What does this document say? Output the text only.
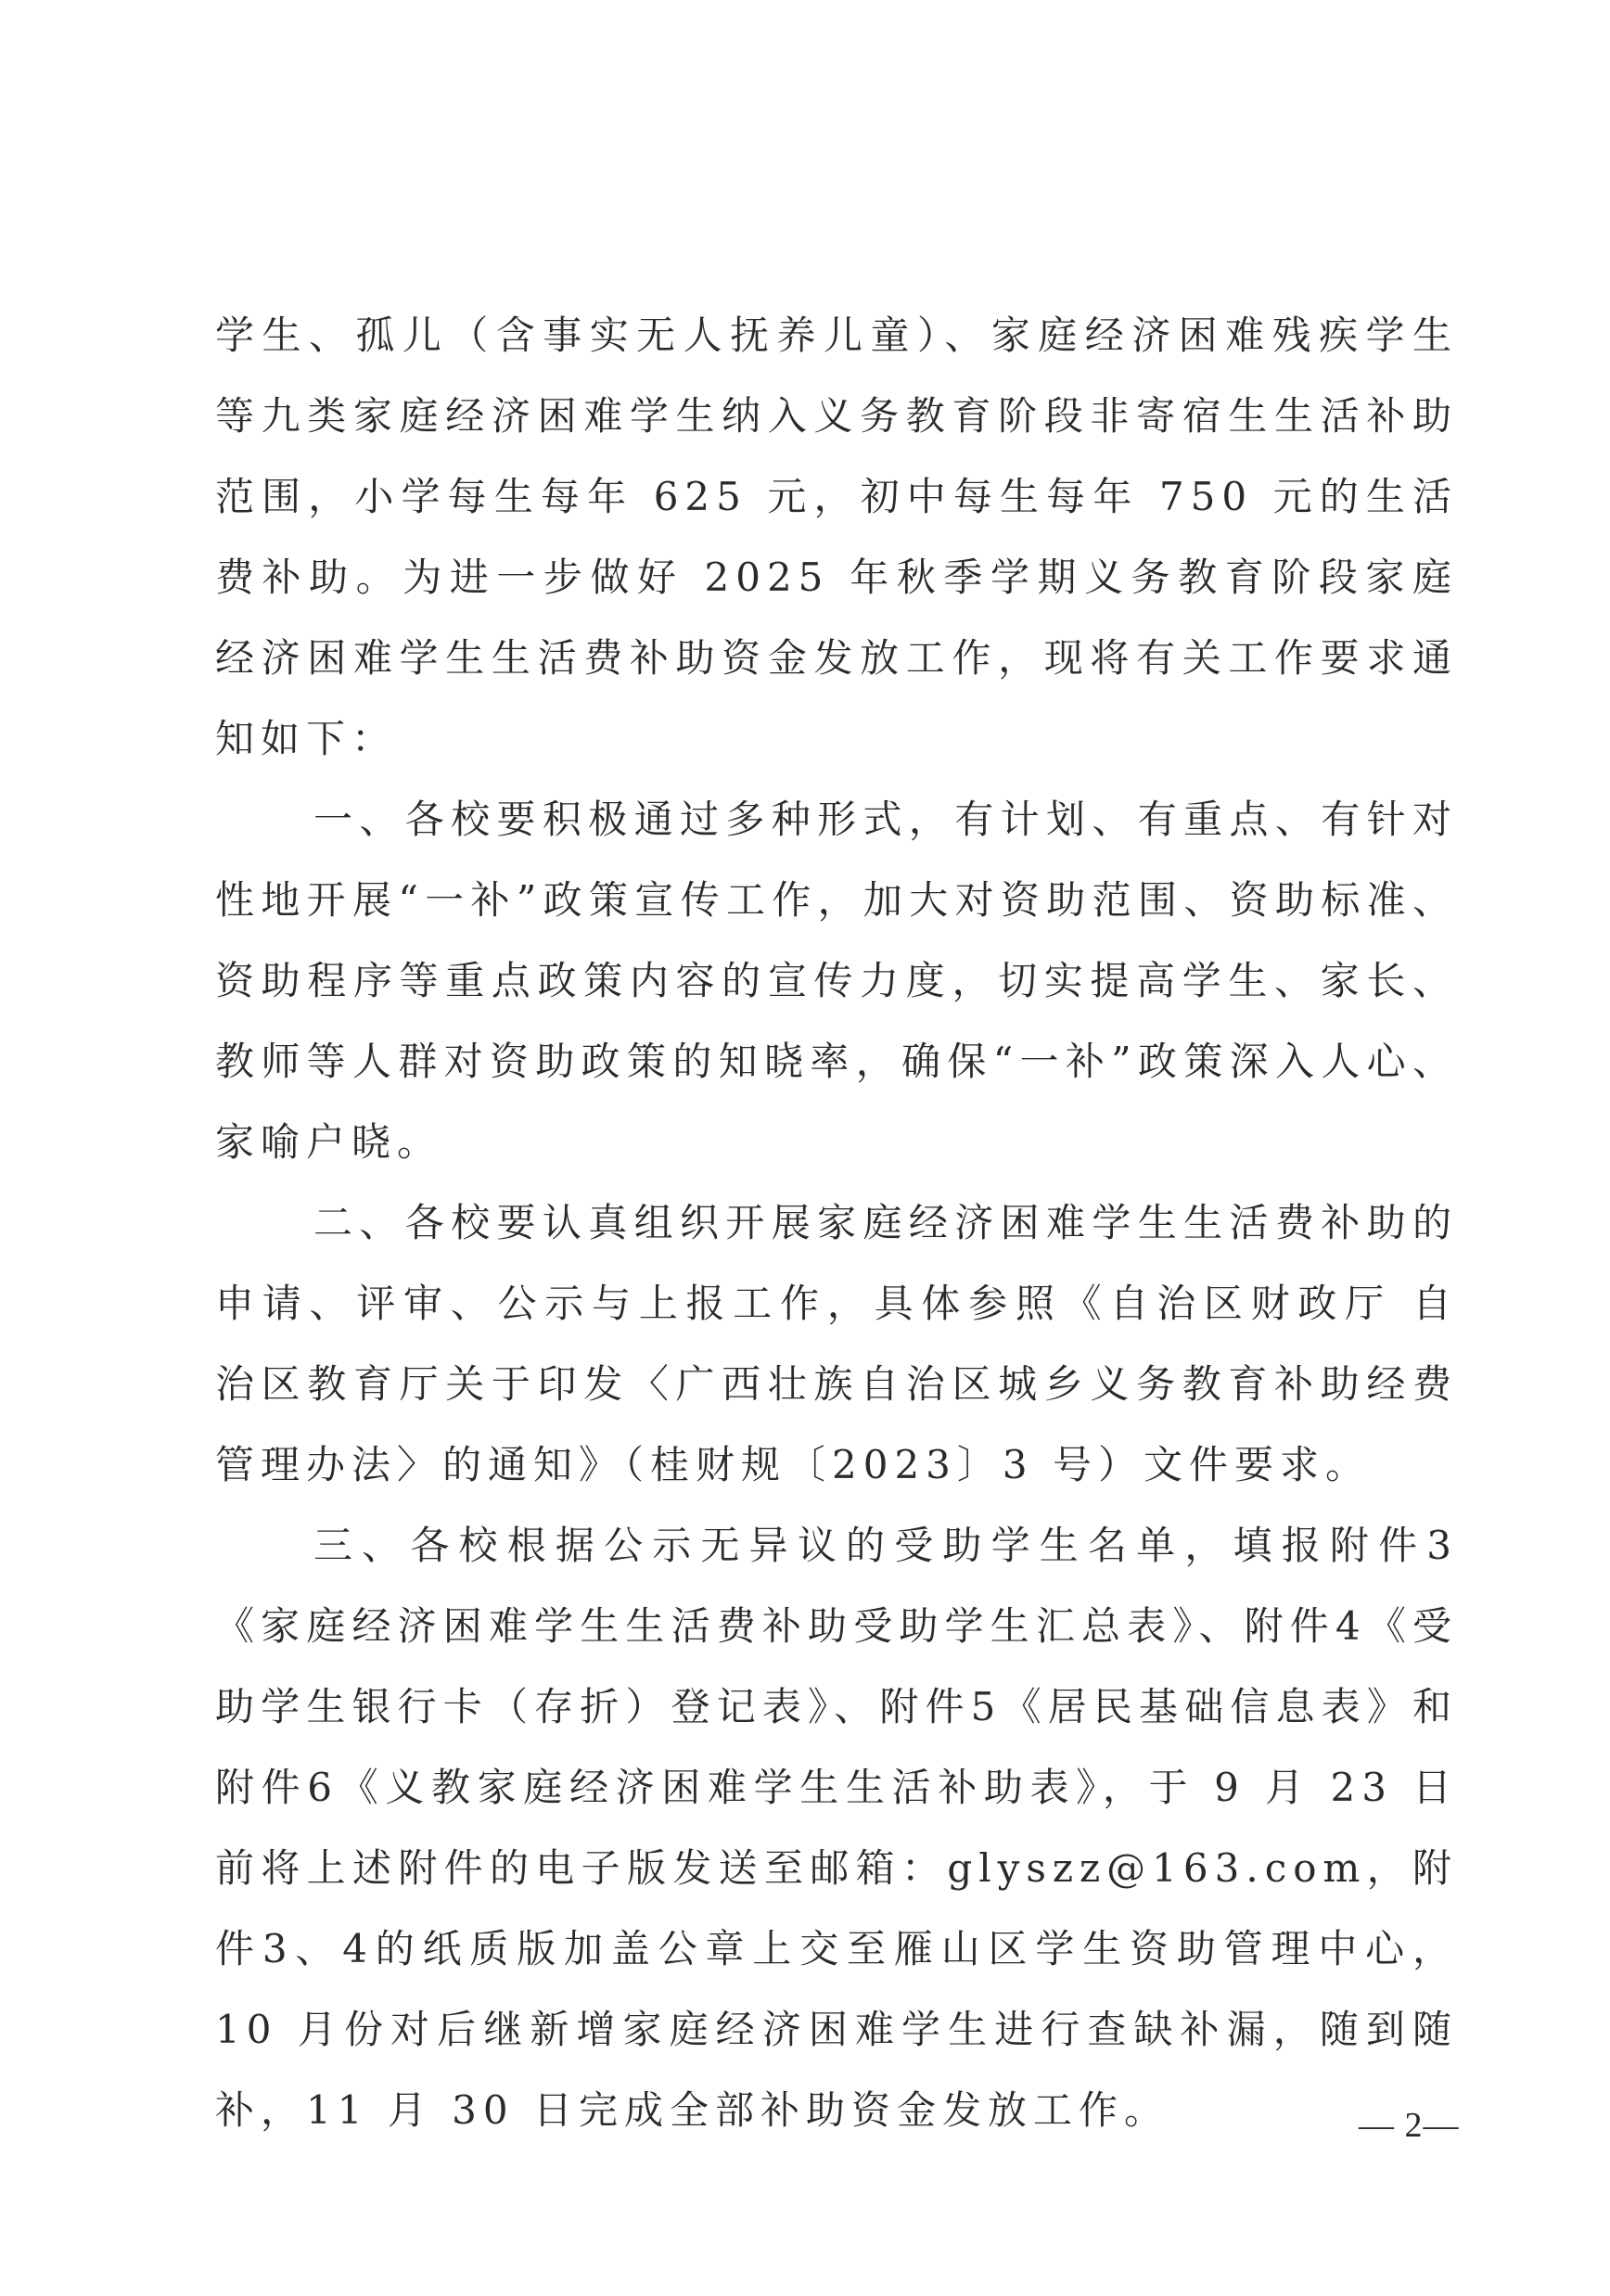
学生、孤儿（含事实无人抚养儿童）、家庭经济困难残疾学生等九类家庭经济困难学生纳入义务教育阶段非寄宿生生活补助范围，小学每生每年 625 元，初中每生每年 750 元的生活费补助。为进一步做好 2025 年秋季学期义务教育阶段家庭经济困难学生生活费补助资金发放工作，现将有关工作要求通知如下：

一、各校要积极通过多种形式，有计划、有重点、有针对性地开展“一补”政策宣传工作，加大对资助范围、资助标准、资助程序等重点政策内容的宣传力度，切实提高学生、家长、教师等人群对资助政策的知晓率，确保“一补”政策深入人心、家喻户晓。

二、各校要认真组织开展家庭经济困难学生生活费补助的申请、评审、公示与上报工作，具体参照《自治区财政厅 自治区教育厅关于印发〈广西壮族自治区城乡义务教育补助经费管理办法〉的通知》（桂财规〔2023〕3 号）文件要求。

三、各校根据公示无异议的受助学生名单，填报附件3《家庭经济困难学生生活费补助受助学生汇总表》、附件4《受助学生银行卡（存折）登记表》、附件5《居民基础信息表》和附件6《义教家庭经济困难学生生活补助表》，于 9 月 23 日前将上述附件的电子版发送至邮箱：glyszz@163.com，附件3、4的纸质版加盖公章上交至雁山区学生资助管理中心，10 月份对后继新增家庭经济困难学生进行查缺补漏，随到随补，11 月 30 日完成全部补助资金发放工作。	— 2—
